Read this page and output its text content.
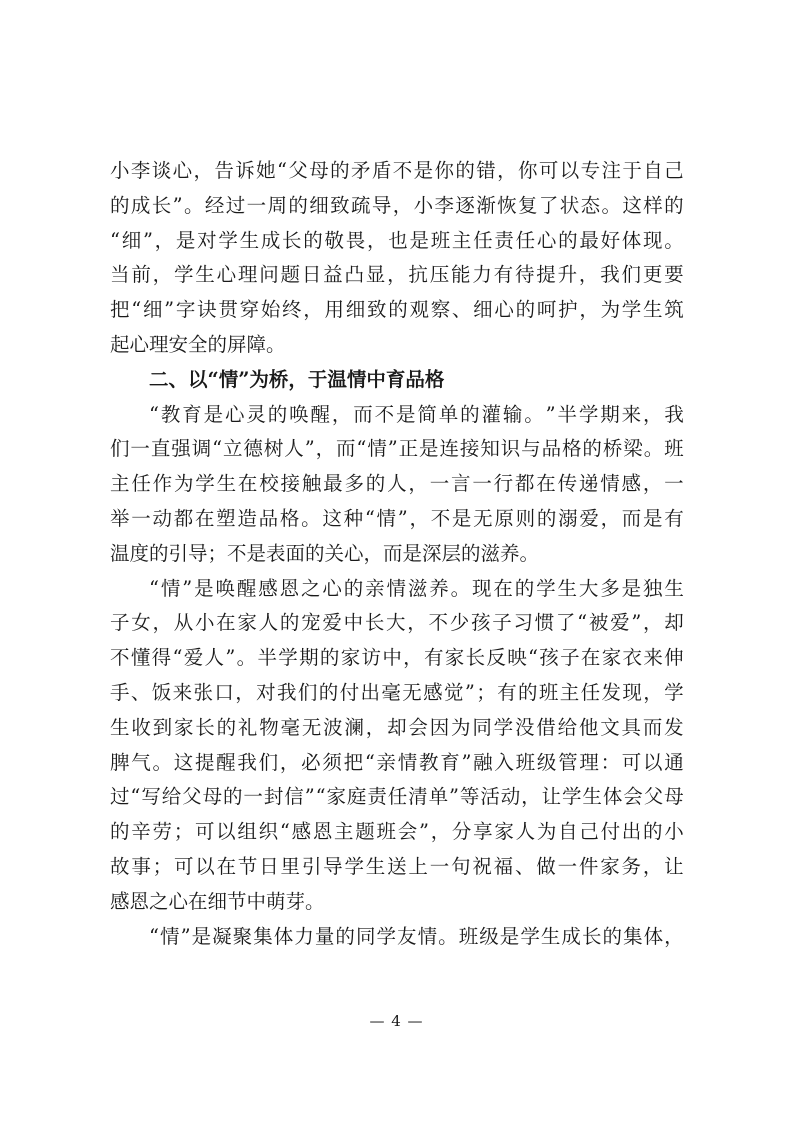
小 李 谈 心 ， 告 诉 她 “ 父 母 的 矛 盾 不 是 你 的 错 ， 你 可 以 专 注 于 自 己
的 成 长 ” 。 经 过 一 周 的 细 致 疏 导 ， 小 李 逐 渐 恢 复 了 状 态 。 这 样 的
“ 细 ” ， 是 对 学 生 成 长 的 敬 畏 ， 也 是 班 主 任 责 任 心 的 最 好 体 现 。
当 前 ， 学 生 心 理 问 题 日 益 凸 显 ， 抗 压 能 力 有 待 提 升 ， 我 们 更 要
把 “ 细 ” 字 诀 贯 穿 始 终 ， 用 细 致 的 观 察 、 细 心 的 呵 护 ， 为 学 生 筑
起心理安全的屏障。
二、以“情”为桥，于温情中育品格
“ 教 育 是 心 灵 的 唤 醒 ， 而 不 是 简 单 的 灌 输 。 ” 半 学 期 来 ， 我
们 一 直 强 调 “ 立 德 树 人 ” ， 而 “ 情 ” 正 是 连 接 知 识 与 品 格 的 桥 梁 。 班
主 任 作 为 学 生 在 校 接 触 最 多 的 人 ， 一 言 一 行 都 在 传 递 情 感 ， 一
举 一 动 都 在 塑 造 品 格 。 这 种 “ 情 ” ， 不 是 无 原 则 的 溺 爱 ， 而 是 有
温度的引导；不是表面的关心，而是深层的滋养。
“ 情 ” 是 唤 醒 感 恩 之 心 的 亲 情 滋 养 。 现 在 的 学 生 大 多 是 独 生
子 女 ， 从 小 在 家 人 的 宠 爱 中 长 大 ， 不 少 孩 子 习 惯 了 “ 被 爱 ” ， 却
不 懂 得 “ 爱 人 ” 。 半 学 期 的 家 访 中 ， 有 家 长 反 映 “ 孩 子 在 家 衣 来 伸
手 、 饭 来 张 口 ， 对 我 们 的 付 出 毫 无 感 觉 ” ； 有 的 班 主 任 发 现 ， 学
生 收 到 家 长 的 礼 物 毫 无 波 澜 ， 却 会 因 为 同 学 没 借 给 他 文 具 而 发
脾 气 。 这 提 醒 我 们 ， 必 须 把 “ 亲 情 教 育 ” 融 入 班 级 管 理 ： 可 以 通
过 “ 写 给 父 母 的 一 封 信 ” “ 家 庭 责 任 清 单 ” 等 活 动 ， 让 学 生 体 会 父 母
的 辛 劳 ； 可 以 组 织 “ 感 恩 主 题 班 会 ” ， 分 享 家 人 为 自 己 付 出 的 小
故 事 ； 可 以 在 节 日 里 引 导 学 生 送 上 一 句 祝 福 、 做 一 件 家 务 ， 让
感恩之心在细节中萌芽。
“ 情 ” 是 凝 聚 集 体 力 量 的 同 学 友 情 。 班 级 是 学 生 成 长 的 集 体 ，
— 4 —
